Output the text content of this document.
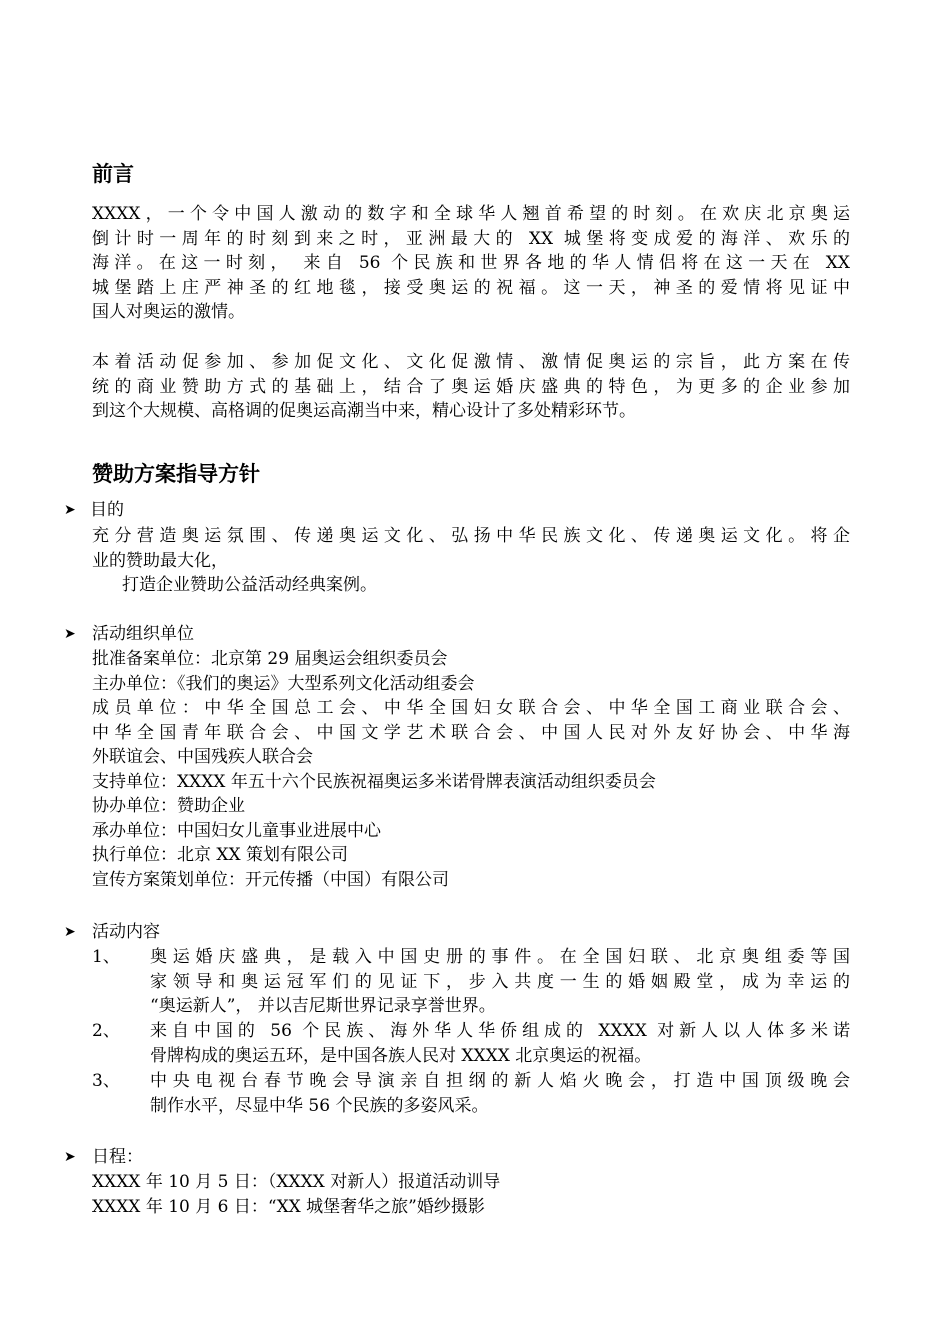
前言
XXXX，一个令中国人激动的数字和全球华人翘首希望的时刻。在欢庆北京奥运
倒计时一周年的时刻到来之时，亚洲最大的 XX 城堡将变成爱的海洋、欢乐的
海洋。在这一时刻， 来自 56 个民族和世界各地的华人情侣将在这一天在 XX
城堡踏上庄严神圣的红地毯，接受奥运的祝福。这一天，神圣的爱情将见证中
国人对奥运的激情。
本着活动促参加、参加促文化、文化促激情、激情促奥运的宗旨，此方案在传
统的商业赞助方式的基础上，结合了奥运婚庆盛典的特色，为更多的企业参加
到这个大规模、高格调的促奥运高潮当中来，精心设计了多处精彩环节。
赞助方案指导方针
➤ 目的
充分营造奥运氛围、传递奥运文化、弘扬中华民族文化、传递奥运文化。将企
业的赞助最大化，
打造企业赞助公益活动经典案例。
➤ 活动组织单位
批准备案单位：北京第 29 届奥运会组织委员会
主办单位：《我们的奥运》大型系列文化活动组委会
成员单位：中华全国总工会、中华全国妇女联合会、中华全国工商业联合会、
中华全国青年联合会、中国文学艺术联合会、中国人民对外友好协会、中华海
外联谊会、中国残疾人联合会
支持单位：XXXX 年五十六个民族祝福奥运多米诺骨牌表演活动组织委员会
协办单位：赞助企业
承办单位：中国妇女儿童事业进展中心
执行单位：北京 XX 策划有限公司
宣传方案策划单位：开元传播（中国）有限公司
➤ 活动内容
1、 奥运婚庆盛典，是载入中国史册的事件。在全国妇联、北京奥组委等国
家领导和奥运冠军们的见证下，步入共度一生的婚姻殿堂，成为幸运的
“奥运新人”， 并以吉尼斯世界记录享誉世界。
2、 来自中国的 56 个民族、海外华人华侨组成的 XXXX 对新人以人体多米诺
骨牌构成的奥运五环，是中国各族人民对 XXXX 北京奥运的祝福。
3、 中央电视台春节晚会导演亲自担纲的新人焰火晚会，打造中国顶级晚会
制作水平，尽显中华 56 个民族的多姿风采。
➤ 日程：
XXXX 年 10 月 5 日：（XXXX 对新人）报道活动训导
XXXX 年 10 月 6 日：“XX 城堡奢华之旅”婚纱摄影
